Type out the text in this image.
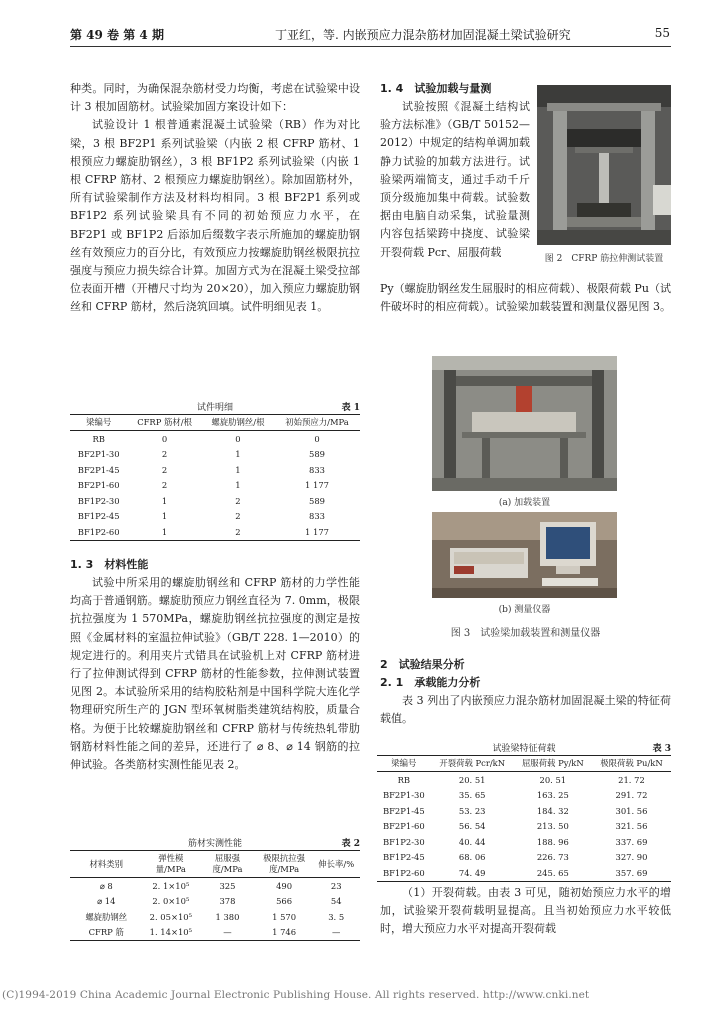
第 49 卷 第 4 期	丁亚红，等. 内嵌预应力混杂筋材加固混凝土梁试验研究	55

种类。同时，为确保混杂筋材受力均衡，考虑在试验梁中设计 3 根加固筋材。试验梁加固方案设计如下：

试验设计 1 根普通素混凝土试验梁（RB）作为对比梁，3 根 BF2P1 系列试验梁（内嵌 2 根 CFRP 筋材、1 根预应力螺旋肋钢丝），3 根 BF1P2 系列试验梁（内嵌 1 根 CFRP 筋材、2 根预应力螺旋肋钢丝）。除加固筋材外，所有试验梁制作方法及材料均相同。3 根 BF2P1 系列或 BF1P2 系列试验梁具有不同的初始预应力水平，在 BF2P1 或 BF1P2 后添加后缀数字表示所施加的螺旋肋钢丝有效预应力的百分比，有效预应力按螺旋肋钢丝极限抗拉强度与预应力损失综合计算。加固方式为在混凝土梁受拉部位表面开槽（开槽尺寸均为 20×20），加入预应力螺旋肋钢丝和 CFRP 筋材，然后浇筑回填。试件明细见表 1。

试件明细	表 1
梁编号	CFRP 筋材/根	螺旋肋钢丝/根	初始预应力/MPa
RB	0	0	0
BF2P1-30	2	1	589
BF2P1-45	2	1	833
BF2P1-60	2	1	1 177
BF1P2-30	1	2	589
BF1P2-45	1	2	833
BF1P2-60	1	2	1 177

1. 3　材料性能

试验中所采用的螺旋肋钢丝和 CFRP 筋材的力学性能均高于普通钢筋。螺旋肋预应力钢丝直径为 7. 0mm，极限抗拉强度为 1 570MPa，螺旋肋钢丝抗拉强度的测定是按照《金属材料的室温拉伸试验》（GB/T 228. 1—2010）的规定进行的。利用夹片式错具在试验机上对 CFRP 筋材进行了拉伸测试得到 CFRP 筋材的性能参数，拉伸测试装置见图 2。本试验所采用的结构胶粘剂是中国科学院大连化学物理研究所生产的 JGN 型环氧树脂类建筑结构胶，质量合格。为便于比较螺旋肋钢丝和 CFRP 筋材与传统热轧带肋钢筋材料性能之间的差异，还进行了 ⌀ 8、⌀ 14 钢筋的拉伸试验。各类筋材实测性能见表 2。

筋材实测性能	表 2
材料类别	弹性模量/MPa	屈服强度/MPa	极限抗拉强度/MPa	伸长率/%
⌀ 8	2. 1×10⁵	325	490	23
⌀ 14	2. 0×10⁵	378	566	54
螺旋肋钢丝	2. 05×10⁵	1 380	1 570	3. 5
CFRP 筋	1. 14×10⁵	—	1 746	—

1. 4　试验加载与量测

试验按照《混凝土结构试验方法标准》（GB/T 50152—2012）中规定的结构单调加载静力试验的加载方法进行。试验梁两端简支，通过手动千斤顶分级施加集中荷载。试验数据由电脑自动采集，试验量测内容包括梁跨中挠度、试验梁开裂荷载 Pcr、屈服荷载

图 2　CFRP 筋拉伸测试装置

Py（螺旋肋钢丝发生屈服时的相应荷载）、极限荷载 Pu（试件破坏时的相应荷载）。试验梁加载装置和测量仪器见图 3。

(a) 加载装置
(b) 测量仪器
图 3　试验梁加载装置和测量仪器

2　试验结果分析

2. 1　承载能力分析

表 3 列出了内嵌预应力混杂筋材加固混凝土梁的特征荷载值。

试验梁特征荷载	表 3
梁编号	开裂荷载 Pcr/kN	屈服荷载 Py/kN	极限荷载 Pu/kN
RB	20. 51	20. 51	21. 72
BF2P1-30	35. 65	163. 25	291. 72
BF2P1-45	53. 23	184. 32	301. 56
BF2P1-60	56. 54	213. 50	321. 56
BF1P2-30	40. 44	188. 96	337. 69
BF1P2-45	68. 06	226. 73	327. 90
BF1P2-60	74. 49	245. 65	357. 69

（1）开裂荷载。由表 3 可见，随初始预应力水平的增加，试验梁开裂荷载明显提高。且当初始预应力水平较低时，增大预应力水平对提高开裂荷载

(C)1994-2019 China Academic Journal Electronic Publishing House. All rights reserved. http://www.cnki.net
